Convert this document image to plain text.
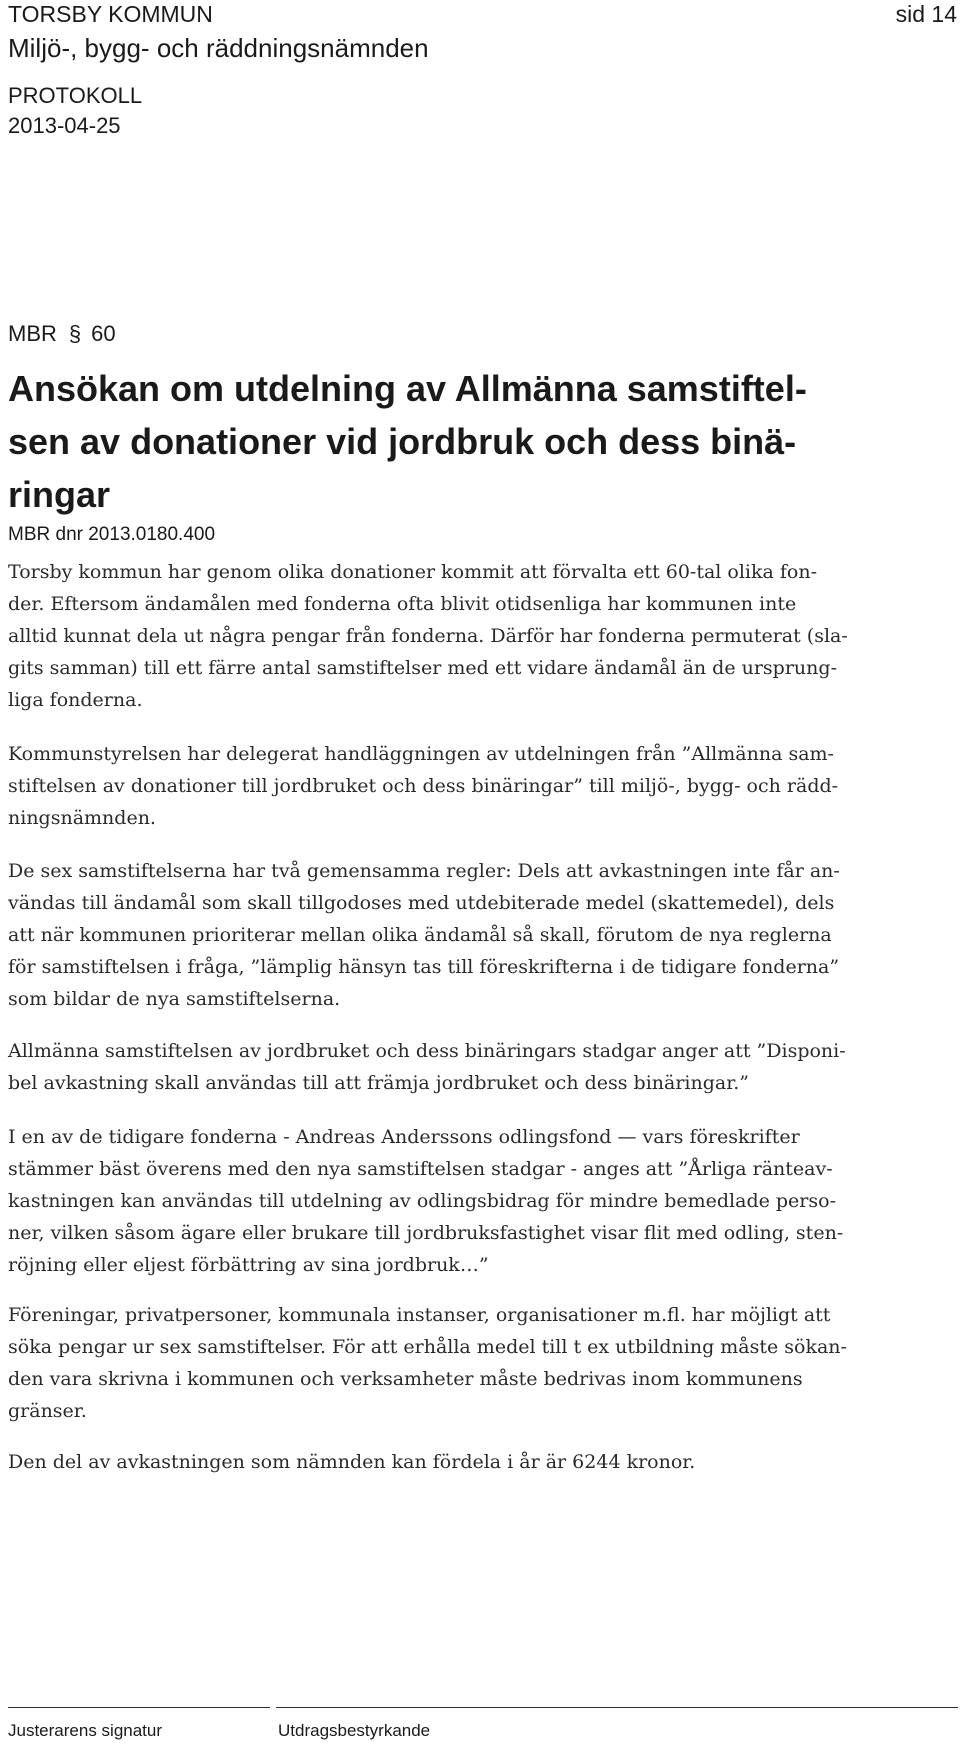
TORSBY KOMMUN
Miljö-, bygg- och räddningsnämnden
sid 14
PROTOKOLL
2013-04-25
MBR § 60
Ansökan om utdelning av Allmänna samstiftel-
sen av donationer vid jordbruk och dess binä-
ringar
MBR dnr 2013.0180.400
Torsby kommun har genom olika donationer kommit att förvalta ett 60-tal olika fon-
der. Eftersom ändamålen med fonderna ofta blivit otidsenliga har kommunen inte
alltid kunnat dela ut några pengar från fonderna. Därför har fonderna permuterat (sla-
gits samman) till ett färre antal samstiftelser med ett vidare ändamål än de ursprung-
liga fonderna.
Kommunstyrelsen har delegerat handläggningen av utdelningen från ”Allmänna sam-
stiftelsen av donationer till jordbruket och dess binäringar” till miljö-, bygg- och rädd-
ningsnämnden.
De sex samstiftelserna har två gemensamma regler: Dels att avkastningen inte får an-
vändas till ändamål som skall tillgodoses med utdebiterade medel (skattemedel), dels
att när kommunen prioriterar mellan olika ändamål så skall, förutom de nya reglerna
för samstiftelsen i fråga, ”lämplig hänsyn tas till föreskrifterna i de tidigare fonderna”
som bildar de nya samstiftelserna.
Allmänna samstiftelsen av jordbruket och dess binäringars stadgar anger att ”Disponi-
bel avkastning skall användas till att främja jordbruket och dess binäringar.”
I en av de tidigare fonderna - Andreas Anderssons odlingsfond — vars föreskrifter
stämmer bäst överens med den nya samstiftelsen stadgar - anges att ”Årliga ränteav-
kastningen kan användas till utdelning av odlingsbidrag för mindre bemedlade perso-
ner, vilken såsom ägare eller brukare till jordbruksfastighet visar flit med odling, sten-
röjning eller eljest förbättring av sina jordbruk…”
Föreningar, privatpersoner, kommunala instanser, organisationer m.fl. har möjligt att
söka pengar ur sex samstiftelser. För att erhålla medel till t ex utbildning måste sökan-
den vara skrivna i kommunen och verksamheter måste bedrivas inom kommunens
gränser.
Den del av avkastningen som nämnden kan fördela i år är 6244 kronor.
Justerarens signatur	Utdragsbestyrkande
